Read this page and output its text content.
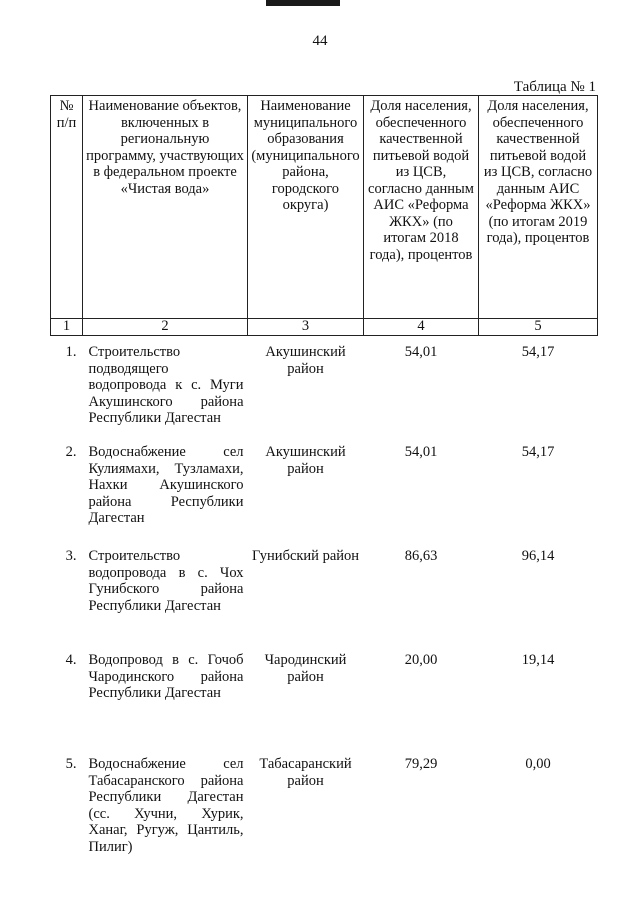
44
Таблица № 1
№ п/п	Наименование объектов, включенных в региональную программу, участвующих в федеральном проекте «Чистая вода»	Наименование муниципального образования (муниципального района, городского округа)	Доля населения, обеспеченного качественной питьевой водой из ЦСВ, согласно данным АИС «Реформа ЖКХ» (по итогам 2018 года), процентов	Доля населения, обеспеченного качественной питьевой водой из ЦСВ, согласно данным АИС «Реформа ЖКХ» (по итогам 2019 года), процентов
1	2	3	4	5
1.	Строительство подводящего водопровода к с. Муги Акушинского района Республики Дагестан	Акушинский район	54,01	54,17
2.	Водоснабжение сел Кулиямахи, Тузламахи, Нахки Акушинского района Республики Дагестан	Акушинский район	54,01	54,17
3.	Строительство водопровода в с. Чох Гунибского района Республики Дагестан	Гунибский район	86,63	96,14
4.	Водопровод в с. Гочоб Чародинского района Республики Дагестан	Чародинский район	20,00	19,14
5.	Водоснабжение сел Табасаранского района Республики Дагестан (сс. Хучни, Хурик, Ханаг, Ругуж, Цантиль, Пилиг)	Табасаранский район	79,29	0,00
